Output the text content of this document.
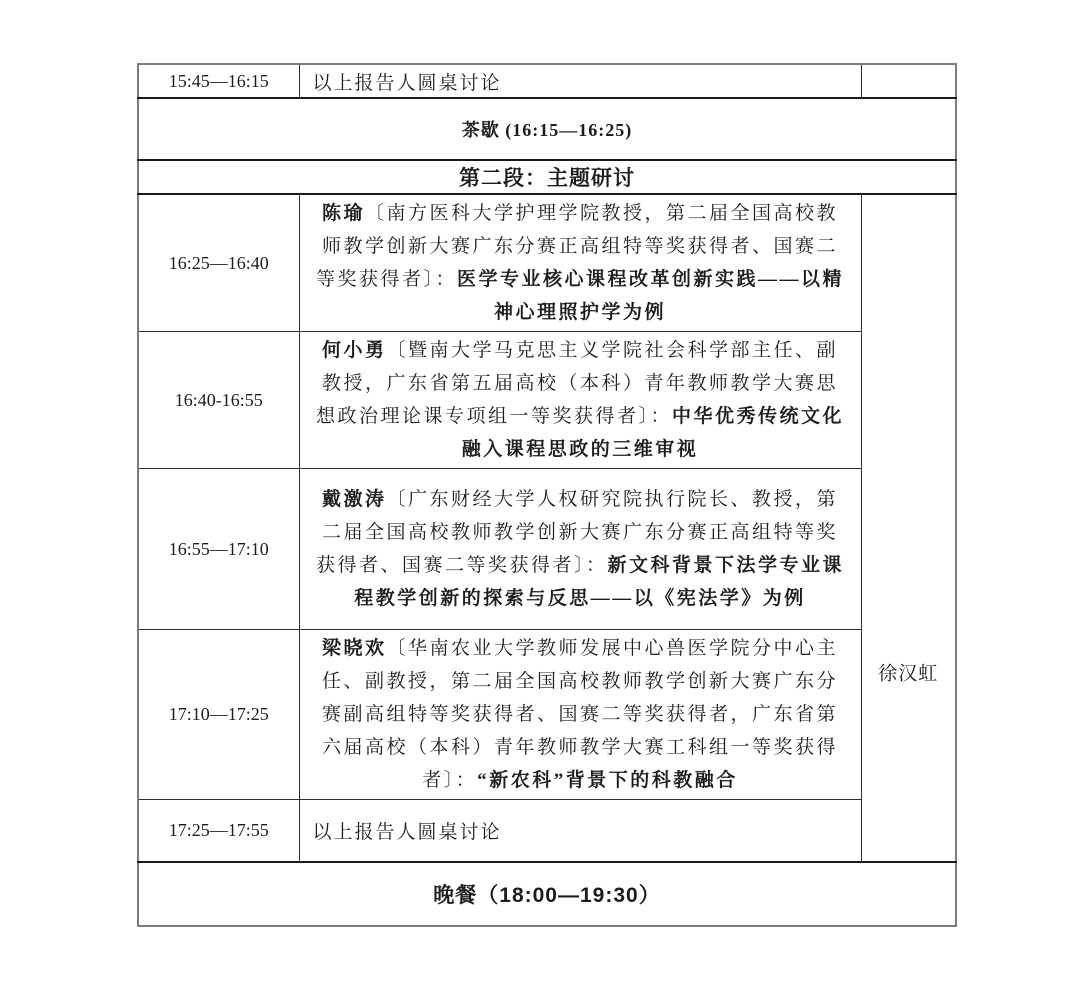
15:45—16:15	以上报告人圆桌讨论	
茶歇 (16:15—16:25)		
第二段：主题研讨		
16:25—16:40	陈瑜〔南方医科大学护理学院教授，第二届全国高校教师教学创新大赛广东分赛正高组特等奖获得者、国赛二等奖获得者〕：医学专业核心课程改革创新实践——以精神心理照护学为例	徐汉虹

16:40-16:55	何小勇〔暨南大学马克思主义学院社会科学部主任、副教授，广东省第五届高校（本科）青年教师教学大赛思想政治理论课专项组一等奖获得者〕：中华优秀传统文化融入课程思政的三维审视	
16:55—17:10	戴激涛〔广东财经大学人权研究院执行院长、教授，第二届全国高校教师教学创新大赛广东分赛正高组特等奖获得者、国赛二等奖获得者〕：新文科背景下法学专业课程教学创新的探索与反思——以《宪法学》为例	
17:10—17:25	梁晓欢〔华南农业大学教师发展中心兽医学院分中心主任、副教授，第二届全国高校教师教学创新大赛广东分赛副高组特等奖获得者、国赛二等奖获得者，广东省第六届高校（本科）青年教师教学大赛工科组一等奖获得者〕：“新农科”背景下的科教融合	
17:25—17:55	以上报告人圆桌讨论	
晚餐（18:00—19:30）		
